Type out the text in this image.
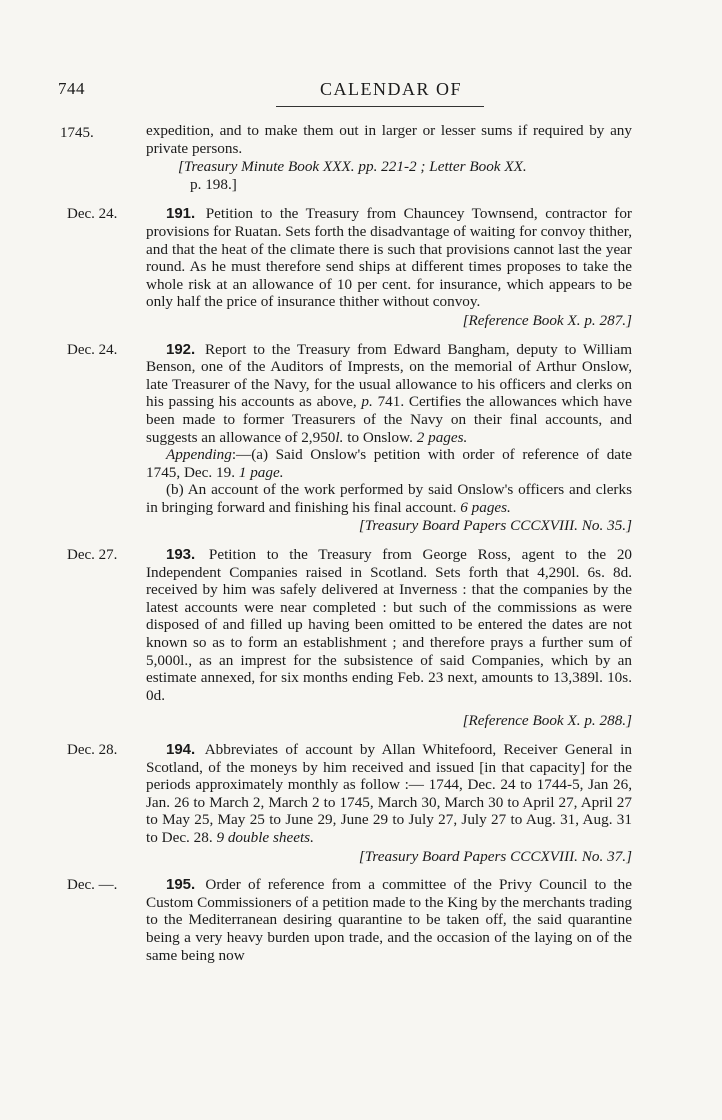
744	CALENDAR OF
1745.	expedition, and to make them out in larger or lesser sums if required by any private persons.

[Treasury Minute Book XXX. pp. 221-2 ; Letter Book XX.
p. 198.]
Dec. 24.	191. Petition to the Treasury from Chauncey Townsend, contractor for provisions for Ruatan. Sets forth the disadvantage of waiting for convoy thither, and that the heat of the climate there is such that provisions cannot last the year round. As he must therefore send ships at different times proposes to take the whole risk at an allowance of 10 per cent. for insurance, which appears to be only half the price of insurance thither without convoy.

[Reference Book X. p. 287.]
Dec. 24.	192. Report to the Treasury from Edward Bangham, deputy to William Benson, one of the Auditors of Imprests, on the memorial of Arthur Onslow, late Treasurer of the Navy, for the usual allowance to his officers and clerks on his passing his accounts as above, p. 741. Certifies the allowances which have been made to former Treasurers of the Navy on their final accounts, and suggests an allowance of 2,950l. to Onslow. 2 pages.

Appending:—(a) Said Onslow's petition with order of reference of date 1745, Dec. 19. 1 page.

(b) An account of the work performed by said Onslow's officers and clerks in bringing forward and finishing his final account. 6 pages.

[Treasury Board Papers CCCXVIII. No. 35.]
Dec. 27.	193. Petition to the Treasury from George Ross, agent to the 20 Independent Companies raised in Scotland. Sets forth that 4,290l. 6s. 8d. received by him was safely delivered at Inverness : that the companies by the latest accounts were near completed : but such of the commissions as were disposed of and filled up having been omitted to be entered the dates are not known so as to form an establishment ; and therefore prays a further sum of 5,000l., as an imprest for the subsistence of said Companies, which by an estimate annexed, for six months ending Feb. 23 next, amounts to 13,389l. 10s. 0d.

[Reference Book X. p. 288.]
Dec. 28.	194. Abbreviates of account by Allan Whitefoord, Receiver General in Scotland, of the moneys by him received and issued [in that capacity] for the periods approximately monthly as follow :— 1744, Dec. 24 to 1744-5, Jan 26, Jan. 26 to March 2, March 2 to 1745, March 30, March 30 to April 27, April 27 to May 25, May 25 to June 29, June 29 to July 27, July 27 to Aug. 31, Aug. 31 to Dec. 28. 9 double sheets.

[Treasury Board Papers CCCXVIII. No. 37.]
Dec. —.	195. Order of reference from a committee of the Privy Council to the Custom Commissioners of a petition made to the King by the merchants trading to the Mediterranean desiring quarantine to be taken off, the said quarantine being a very heavy burden upon trade, and the occasion of the laying on of the same being now
